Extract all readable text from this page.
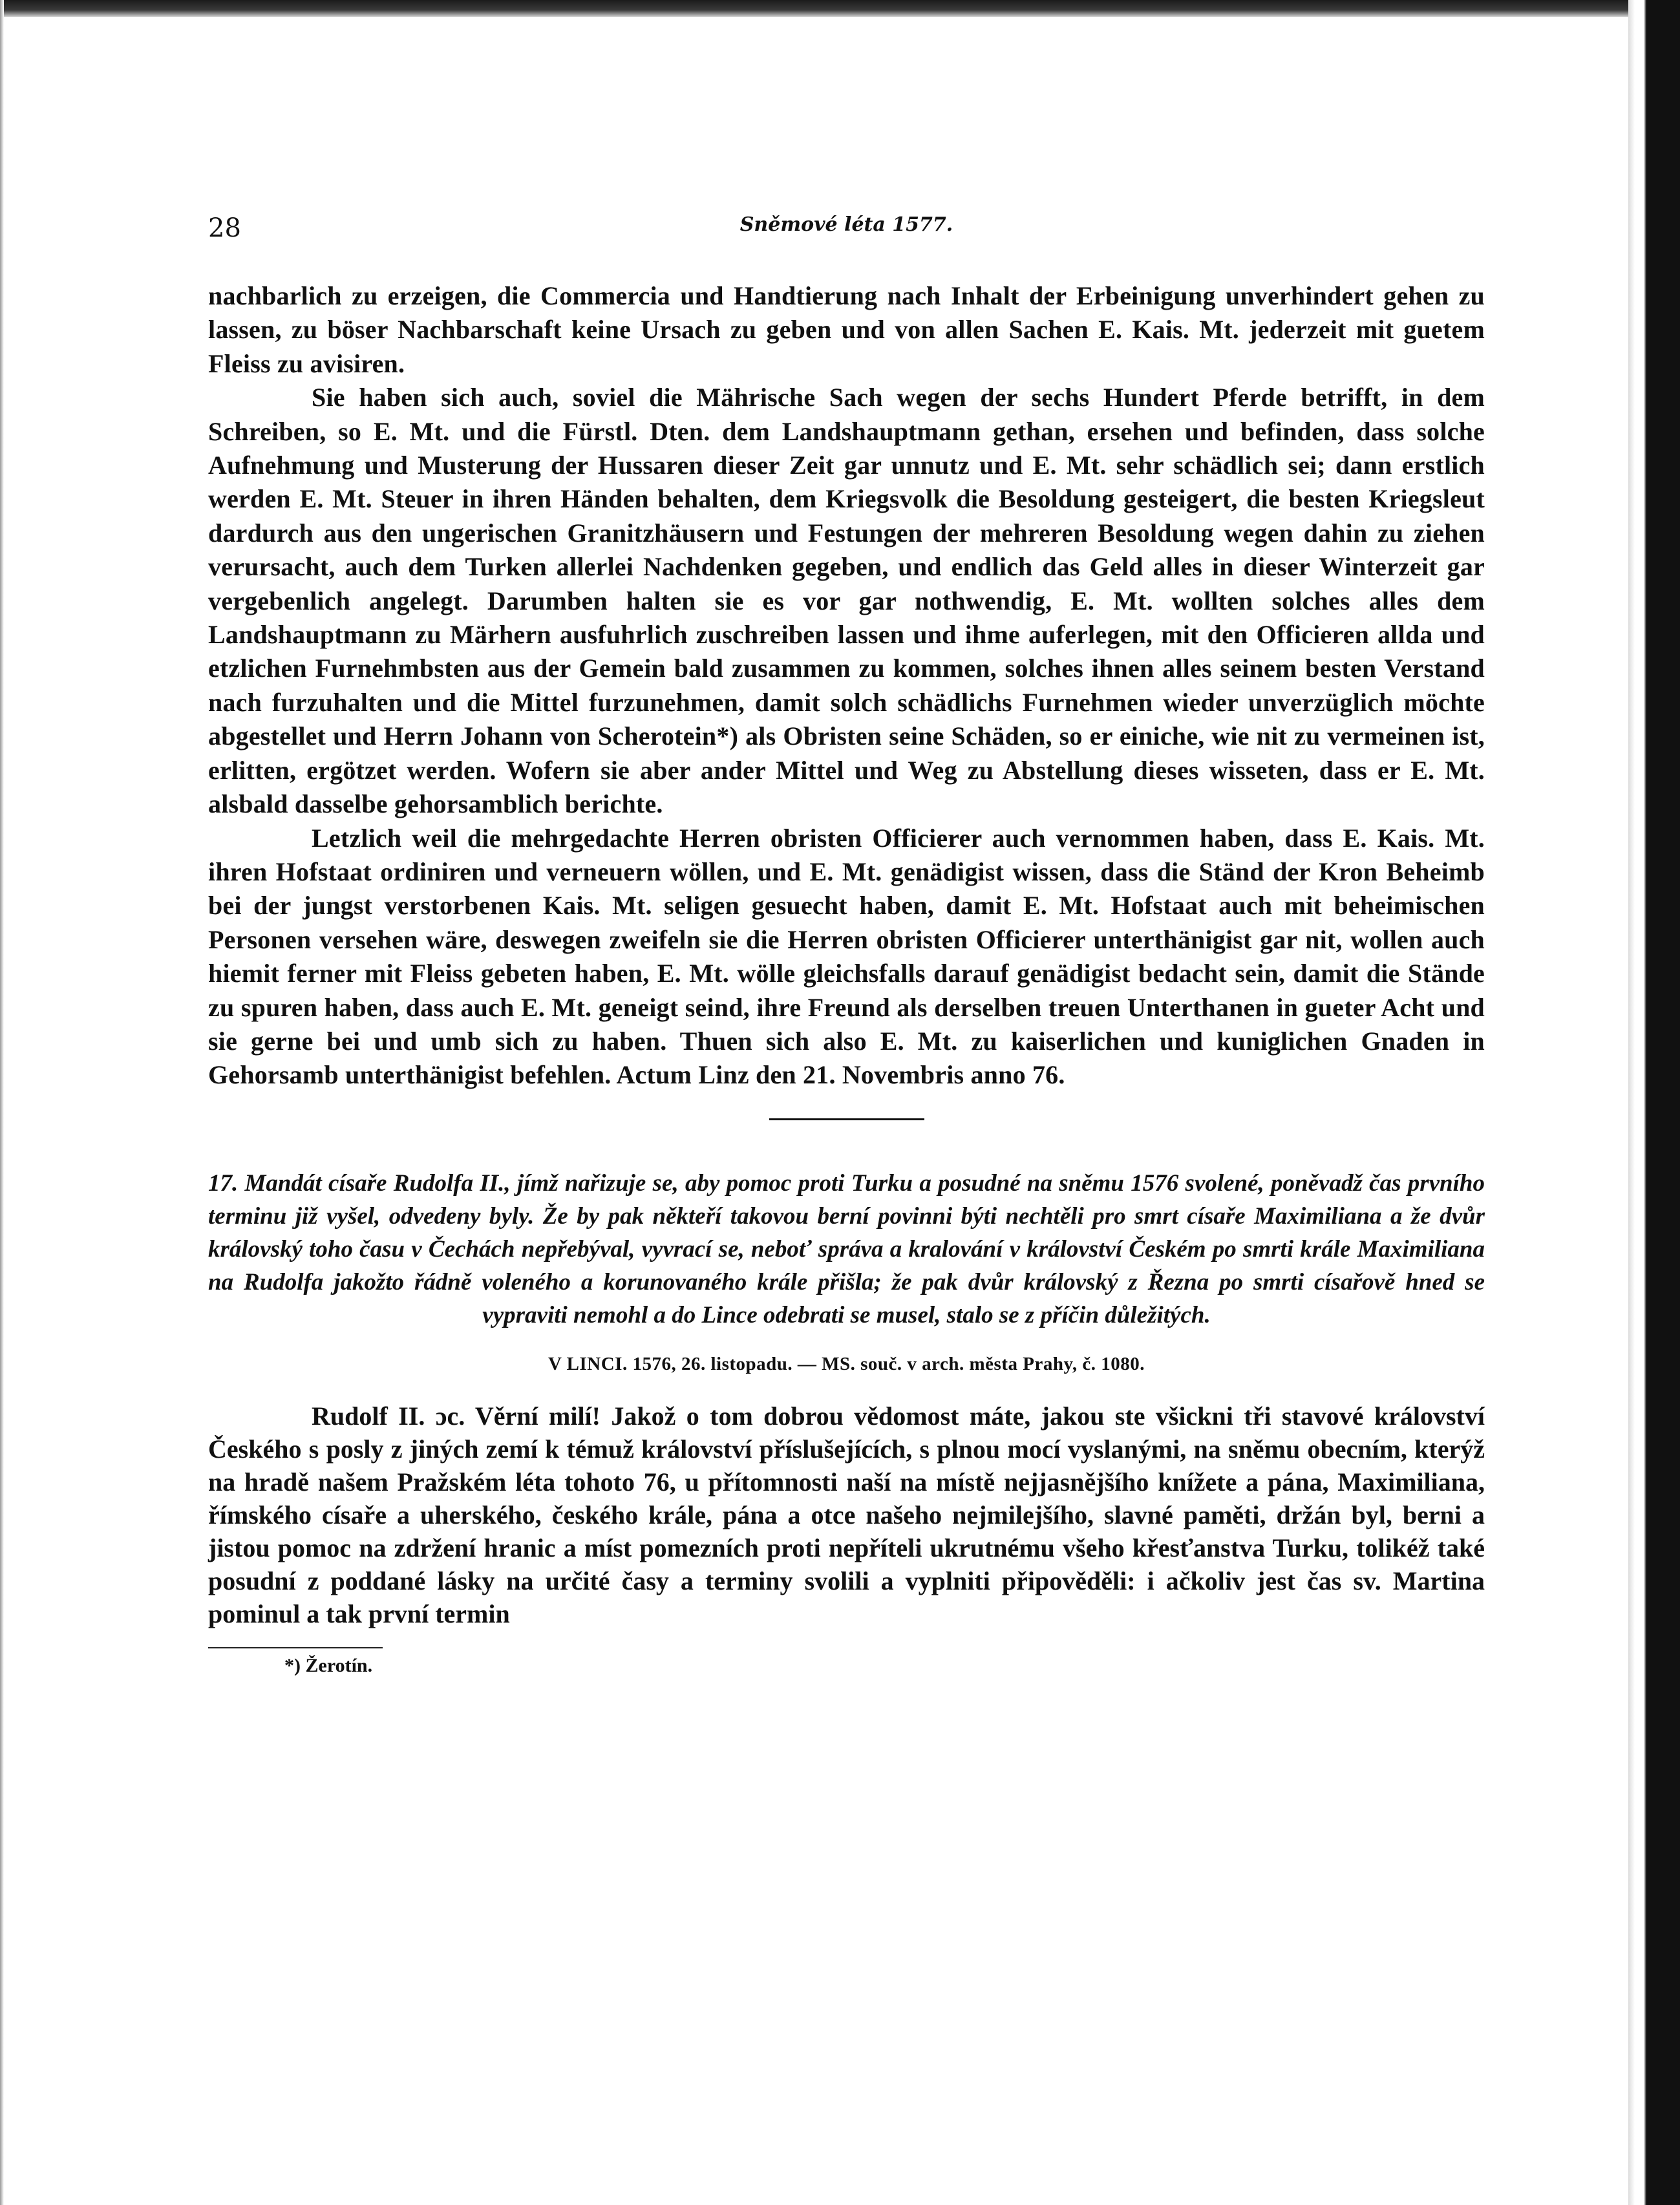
28	Sněmové léta 1577.

nachbarlich zu erzeigen, die Commercia und Handtierung nach Inhalt der Erbeinigung unverhindert gehen zu lassen, zu böser Nachbarschaft keine Ursach zu geben und von allen Sachen E. Kais. Mt. jederzeit mit guetem Fleiss zu avisiren.

Sie haben sich auch, soviel die Mährische Sach wegen der sechs Hundert Pferde betrifft, in dem Schreiben, so E. Mt. und die Fürstl. Dten. dem Landshauptmann gethan, ersehen und befinden, dass solche Aufnehmung und Musterung der Hussaren dieser Zeit gar unnutz und E. Mt. sehr schädlich sei; dann erstlich werden E. Mt. Steuer in ihren Händen behalten, dem Kriegsvolk die Besoldung gesteigert, die besten Kriegsleut dardurch aus den ungerischen Granitzhäusern und Festungen der mehreren Besoldung wegen dahin zu ziehen verursacht, auch dem Turken allerlei Nachdenken gegeben, und endlich das Geld alles in dieser Winterzeit gar vergebenlich angelegt. Darumben halten sie es vor gar nothwendig, E. Mt. wollten solches alles dem Landshauptmann zu Märhern ausfuhrlich zuschreiben lassen und ihme auferlegen, mit den Officieren allda und etzlichen Furnehmbsten aus der Gemein bald zusammen zu kommen, solches ihnen alles seinem besten Verstand nach furzuhalten und die Mittel furzunehmen, damit solch schädlichs Furnehmen wieder unverzüglich möchte abgestellet und Herrn Johann von Scherotein*) als Obristen seine Schäden, so er einiche, wie nit zu vermeinen ist, erlitten, ergötzet werden. Wofern sie aber ander Mittel und Weg zu Abstellung dieses wisseten, dass er E. Mt. alsbald dasselbe gehorsamblich berichte.

Letzlich weil die mehrgedachte Herren obristen Officierer auch vernommen haben, dass E. Kais. Mt. ihren Hofstaat ordiniren und verneuern wöllen, und E. Mt. genädigist wissen, dass die Ständ der Kron Beheimb bei der jungst verstorbenen Kais. Mt. seligen gesuecht haben, damit E. Mt. Hofstaat auch mit beheimischen Personen versehen wäre, deswegen zweifeln sie die Herren obristen Officierer unterthänigist gar nit, wollen auch hiemit ferner mit Fleiss gebeten haben, E. Mt. wölle gleichsfalls darauf genädigist bedacht sein, damit die Stände zu spuren haben, dass auch E. Mt. geneigt seind, ihre Freund als derselben treuen Unterthanen in gueter Acht und sie gerne bei und umb sich zu haben. Thuen sich also E. Mt. zu kaiserlichen und kuniglichen Gnaden in Gehorsamb unterthänigist befehlen. Actum Linz den 21. Novembris anno 76.

17. Mandát císaře Rudolfa II., jímž nařizuje se, aby pomoc proti Turku a posudné na sněmu 1576 svolené, poněvadž čas prvního terminu již vyšel, odvedeny byly. Že by pak někteří takovou berní povinni býti nechtěli pro smrt císaře Maximiliana a že dvůr královský toho času v Čechách nepřebýval, vyvrací se, neboť správa a kralování v království Českém po smrti krále Maximiliana na Rudolfa jakožto řádně voleného a korunovaného krále přišla; že pak dvůr královský z Řezna po smrti císařově hned se vypraviti nemohl a do Lince odebrati se musel, stalo se z příčin důležitých.
V LINCI. 1576, 26. listopadu. — MS. souč. v arch. města Prahy, č. 1080.
Rudolf II. ɔc. Věrní milí! Jakož o tom dobrou vědomost máte, jakou ste všickni tři stavové království Českého s posly z jiných zemí k témuž království příslušejících, s plnou mocí vyslanými, na sněmu obecním, kterýž na hradě našem Pražském léta tohoto 76, u přítomnosti naší na místě nejjasnějšího knížete a pána, Maximiliana, římského císaře a uherského, českého krále, pána a otce našeho nejmilejšího, slavné paměti, držán byl, berni a jistou pomoc na zdržení hranic a míst pomezních proti nepříteli ukrutnému všeho křesťanstva Turku, tolikéž také posudní z poddané lásky na určité časy a terminy svolili a vyplniti připověděli: i ačkoliv jest čas sv. Martina pominul a tak první termin
*) Žerotín.
